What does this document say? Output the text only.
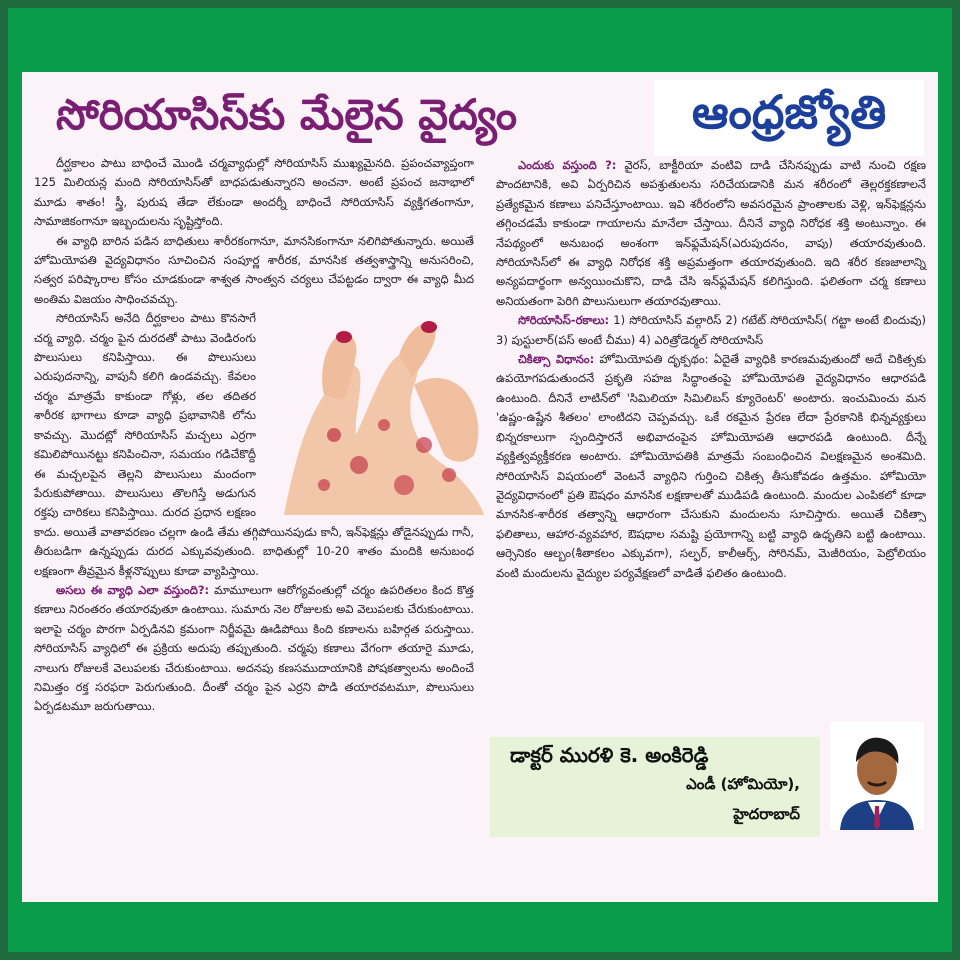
సోరియాసిస్‌కు మేలైన వైద్యం	ఆంధ్రజ్యోతి

దీర్ఘకాలం పాటు బాధించే మొండి చర్మవ్యాధుల్లో సోరియాసిస్ ముఖ్యమైనది. ప్రపంచవ్యాప్తంగా 125 మిలియన్ల మంది సోరియాసిస్‌తో బాధపడుతున్నారని అంచనా. అంటే ప్రపంచ జనాభాలో మూడు శాతం! స్త్రీ, పురుష తేడా లేకుండా అందర్నీ బాధించే సోరియాసిస్ వ్యక్తిగతంగానూ, సామాజికంగానూ ఇబ్బందులను సృష్టిస్తోంది.

ఈ వ్యాధి బారిన పడిన బాధితులు శారీరకంగానూ, మానసికంగానూ నలిగిపోతున్నారు. అయితే హోమియోపతి వైద్యవిధానం సూచించిన సంపూర్ణ శారీరక, మానసిక తత్వశాస్త్రాన్ని అనుసరించి, సత్వర పరిష్కారాల కోసం చూడకుండా శాశ్వత సాంత్వన చర్యలు చేపట్టడం ద్వారా ఈ వ్యాధి మీద అంతిమ విజయం సాధించవచ్చు.

సోరియాసిస్ అనేది దీర్ఘకాలం పాటు కొనసాగే చర్మ వ్యాధి. చర్మం పైన దురదతో పాటు వెండిరంగు పొలుసులు కనిపిస్తాయి. ఈ పొలుసులు ఎరుపుదనాన్ని, వాపునీ కలిగి ఉండవచ్చు. కేవలం చర్మం మాత్రమే కాకుండా గోళ్లు, తల తదితర శారీరక భాగాలు కూడా వ్యాధి ప్రభావానికి లోను కావచ్చు. మొదట్లో సోరియాసిస్ మచ్చలు ఎర్రగా కమిలిపోయినట్టు కనిపించినా, సమయం గడిచేకొద్దీ ఈ మచ్చలపైన తెల్లని పొలుసులు మందంగా పేరుకుపోతాయి. పొలుసులు తొలగిస్తే అడుగున రక్తపు చారికలు కనిపిస్తాయి. దురద ప్రధాన లక్షణం కాదు. అయితే వాతావరణం చల్లగా ఉండి తేమ తగ్గిపోయినపుడు కానీ, ఇన్‌ఫెక్షన్లు తోడైనప్పుడు గానీ, తీరుబడిగా ఉన్నప్పుడు దురద ఎక్కువవుతుంది. బాధితుల్లో 10-20 శాతం మందికి అనుబంధ లక్షణంగా తీవ్రమైన కీళ్లనొప్పులు కూడా వ్యాపిస్తాయి.

అసలు ఈ వ్యాధి ఎలా వస్తుంది?: మామూలుగా ఆరోగ్యవంతుల్లో చర్మం ఉపరితలం కింద కొత్త కణాలు నిరంతరం తయారవుతూ ఉంటాయి. సుమారు నెల రోజులకు అవి వెలుపలకు చేరుకుంటాయి. ఇలాపై చర్మం పొరగా ఏర్పడినవి క్రమంగా నిర్జీవమై ఊడిపోయి కింది కణాలను బహిర్గత పరుస్తాయి. సోరియాసిస్ వ్యాధిలో ఈ ప్రక్రియ అదుపు తప్పుతుంది. చర్మపు కణాలు వేగంగా తయారై మూడు, నాలుగు రోజులకే వెలుపలకు చేరుకుంటాయి. అదనపు కణసముదాయానికి పోషకత్వాలను అందించే నిమిత్తం రక్త సరఫరా పెరుగుతుంది. దీంతో చర్మం పైన ఎర్రని పొడి తయారవటమూ, పొలుసులు ఏర్పడటమూ జరుగుతాయి.

ఎందుకు వస్తుంది ?: వైరస్, బాక్టీరియా వంటివి దాడి చేసినప్పుడు వాటి నుంచి రక్షణ పొందటానికి, అవి ఏర్పరిచిన అపశ్రుతులను సరిచేయడానికి మన శరీరంలో తెల్లరక్తకణాలనే ప్రత్యేకమైన కణాలు పనిచేస్తూంటాయి. ఇవి శరీరంలోని అవసరమైన ప్రాంతాలకు వెళ్లి, ఇన్‌ఫెక్షన్లను తగ్గించడమే కాకుండా గాయాలను మానేలా చేస్తాయి. దీనినే వ్యాధి నిరోధక శక్తి అంటున్నాం. ఈ నేపథ్యంలో అనుబంధ అంశంగా ఇన్‌ఫ్లమేషన్(ఎరుపుదనం, వాపు) తయారవుతుంది. సోరియాసిస్‌లో ఈ వ్యాధి నిరోధక శక్తి అప్రమత్తంగా తయారవుతుంది. ఇది శరీర కణజాలాన్ని అన్యపదార్థంగా అన్వయించుకొని, దాడి చేసి ఇన్‌ఫ్లమేషన్ కలిగిస్తుంది. ఫలితంగా చర్మ కణాలు అనియతంగా పెరిగి పొలుసులుగా తయారవుతాయి.

సోరియాసిస్-రకాలు: 1) సోరియాసిస్ వల్గారిస్ 2) గటేట్ సోరియాసిస్( గట్టా అంటే బిందువు) 3) పుస్టులార్(పస్ అంటే చీము) 4) ఎరిత్రోడెర్మల్ సోరియాసిస్

చికిత్సా విధానం: హోమియోపతి దృక్పథం: ఏదైతే వ్యాధికి కారణమవుతుందో అదే చికిత్సకు ఉపయోగపడుతుందనే ప్రకృతి సహజ సిద్ధాంతంపై హోమియోపతి వైద్యవిధానం ఆధారపడి ఉంటుంది. దీనినే లాటిన్‌లో 'సిమిలియా సిమిలిబస్ క్యూరెంటర్' అంటారు. ఇంచుమించు మన 'ఉష్ణం-ఉష్ణేన శీతలం' లాంటిదని చెప్పవచ్చు. ఒకే రకమైన ప్రేరణ లేదా ప్రేరకానికి భిన్నవ్యక్తులు భిన్నరకాలుగా స్పందిస్తారనే అభివాదంపైన హోమియోపతి ఆధారపడి ఉంటుంది. దీన్నే వ్యక్తిత్వవ్యక్తీకరణ అంటారు. హోమియోపతికి మాత్రమే సంబంధించిన విలక్షణమైన అంశమిది. సోరియాసిస్ విషయంలో వెంటనే వ్యాధిని గుర్తించి చికిత్స తీసుకోవడం ఉత్తమం. హోమియో వైద్యవిధానంలో ప్రతి ఔషధం మానసిక లక్షణాలతో ముడిపడి ఉంటుంది. మందుల ఎంపికలో కూడా మానసిక-శారీరక తత్వాన్ని ఆధారంగా చేసుకుని మందులను సూచిస్తారు. అయితే చికిత్సా ఫలితాలు, ఆహార-వ్యవహార, ఔషధాల సమష్టి ప్రయోగాన్ని బట్టి వ్యాధి ఉధృతిని బట్టి ఉంటాయి. ఆర్సెనికం ఆల్బం(శీతాకలం ఎక్కువగా), సల్ఫర్, కాలీఆర్స్, సోరినమ్, మెజీరియం, పెట్రోలియం వంటి మందులను వైద్యుల పర్యవేక్షణలో వాడితే ఫలితం ఉంటుంది.

డాక్టర్ మురళి కె. అంకిరెడ్డి
ఎండీ (హోమియో),
హైదరాబాద్
